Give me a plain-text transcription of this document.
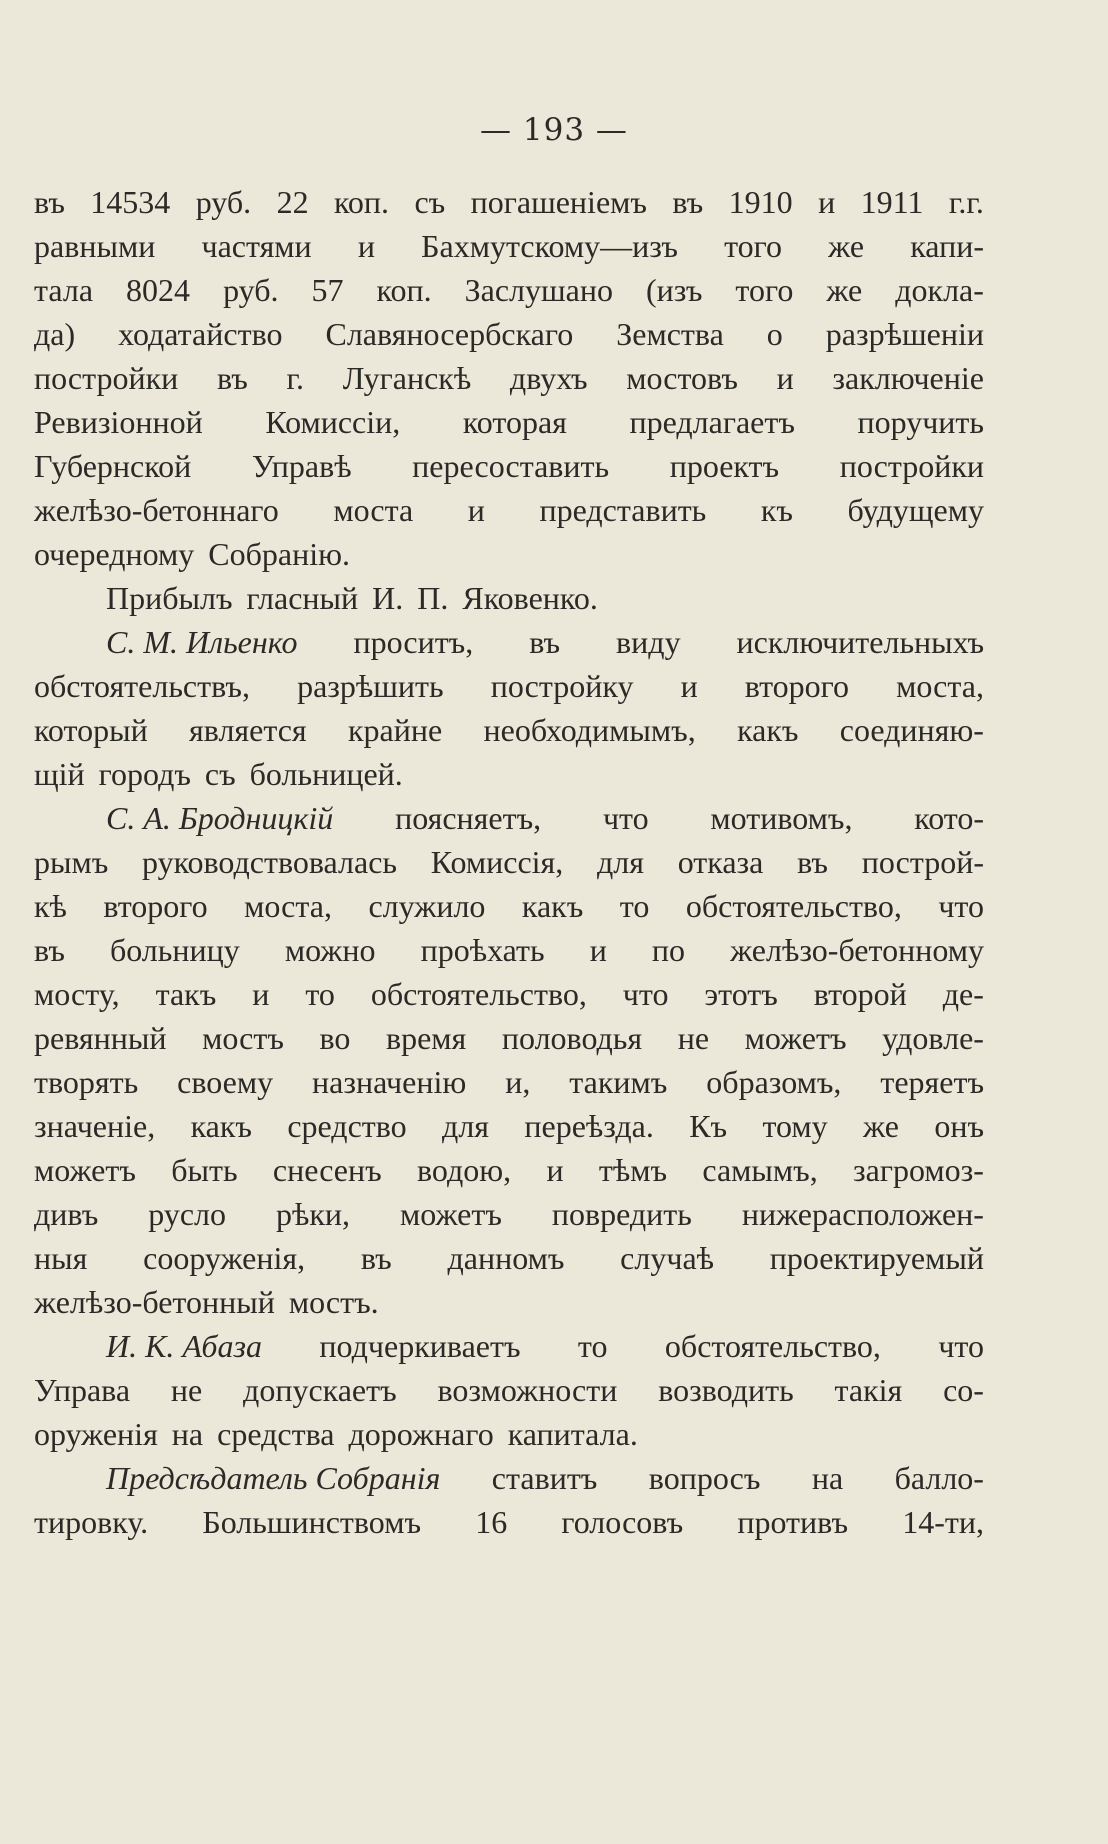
— 193 —
въ 14534 руб. 22 коп. съ погашеніемъ въ 1910 и 1911 г.г.
равными частями и Бахмутскому—изъ того же капи-
тала 8024 руб. 57 коп. Заслушано (изъ того же докла-
да) ходатайство Славяносербскаго Земства о разрѣшеніи
постройки въ г. Луганскѣ двухъ мостовъ и заключеніе
Ревизіонной Комиссіи, которая предлагаетъ поручить
Губернской Управѣ пересоставить проектъ постройки
желѣзо-бетоннаго моста и представить къ будущему
очередному Собранію.
Прибылъ гласный И. П. Яковенко.
С. М. Ильенко проситъ, въ виду исключительныхъ
обстоятельствъ, разрѣшить постройку и второго моста,
который является крайне необходимымъ, какъ соединяю-
щій городъ съ больницей.
С. А. Бродницкій поясняетъ, что мотивомъ, кото-
рымъ руководствовалась Комиссія, для отказа въ построй-
кѣ второго моста, служило какъ то обстоятельство, что
въ больницу можно проѣхать и по желѣзо-бетонному
мосту, такъ и то обстоятельство, что этотъ второй де-
ревянный мостъ во время половодья не можетъ удовле-
творять своему назначенію и, такимъ образомъ, теряетъ
значеніе, какъ средство для переѣзда. Къ тому же онъ
можетъ быть снесенъ водою, и тѣмъ самымъ, загромоз-
дивъ русло рѣки, можетъ повредить нижерасположен-
ныя сооруженія, въ данномъ случаѣ проектируемый
желѣзо-бетонный мостъ.
И. К. Абаза подчеркиваетъ то обстоятельство, что
Управа не допускаетъ возможности возводить такія со-
оруженія на средства дорожнаго капитала.
Предсѣдатель Собранія ставитъ вопросъ на балло-
тировку. Большинствомъ 16 голосовъ противъ 14-ти,
